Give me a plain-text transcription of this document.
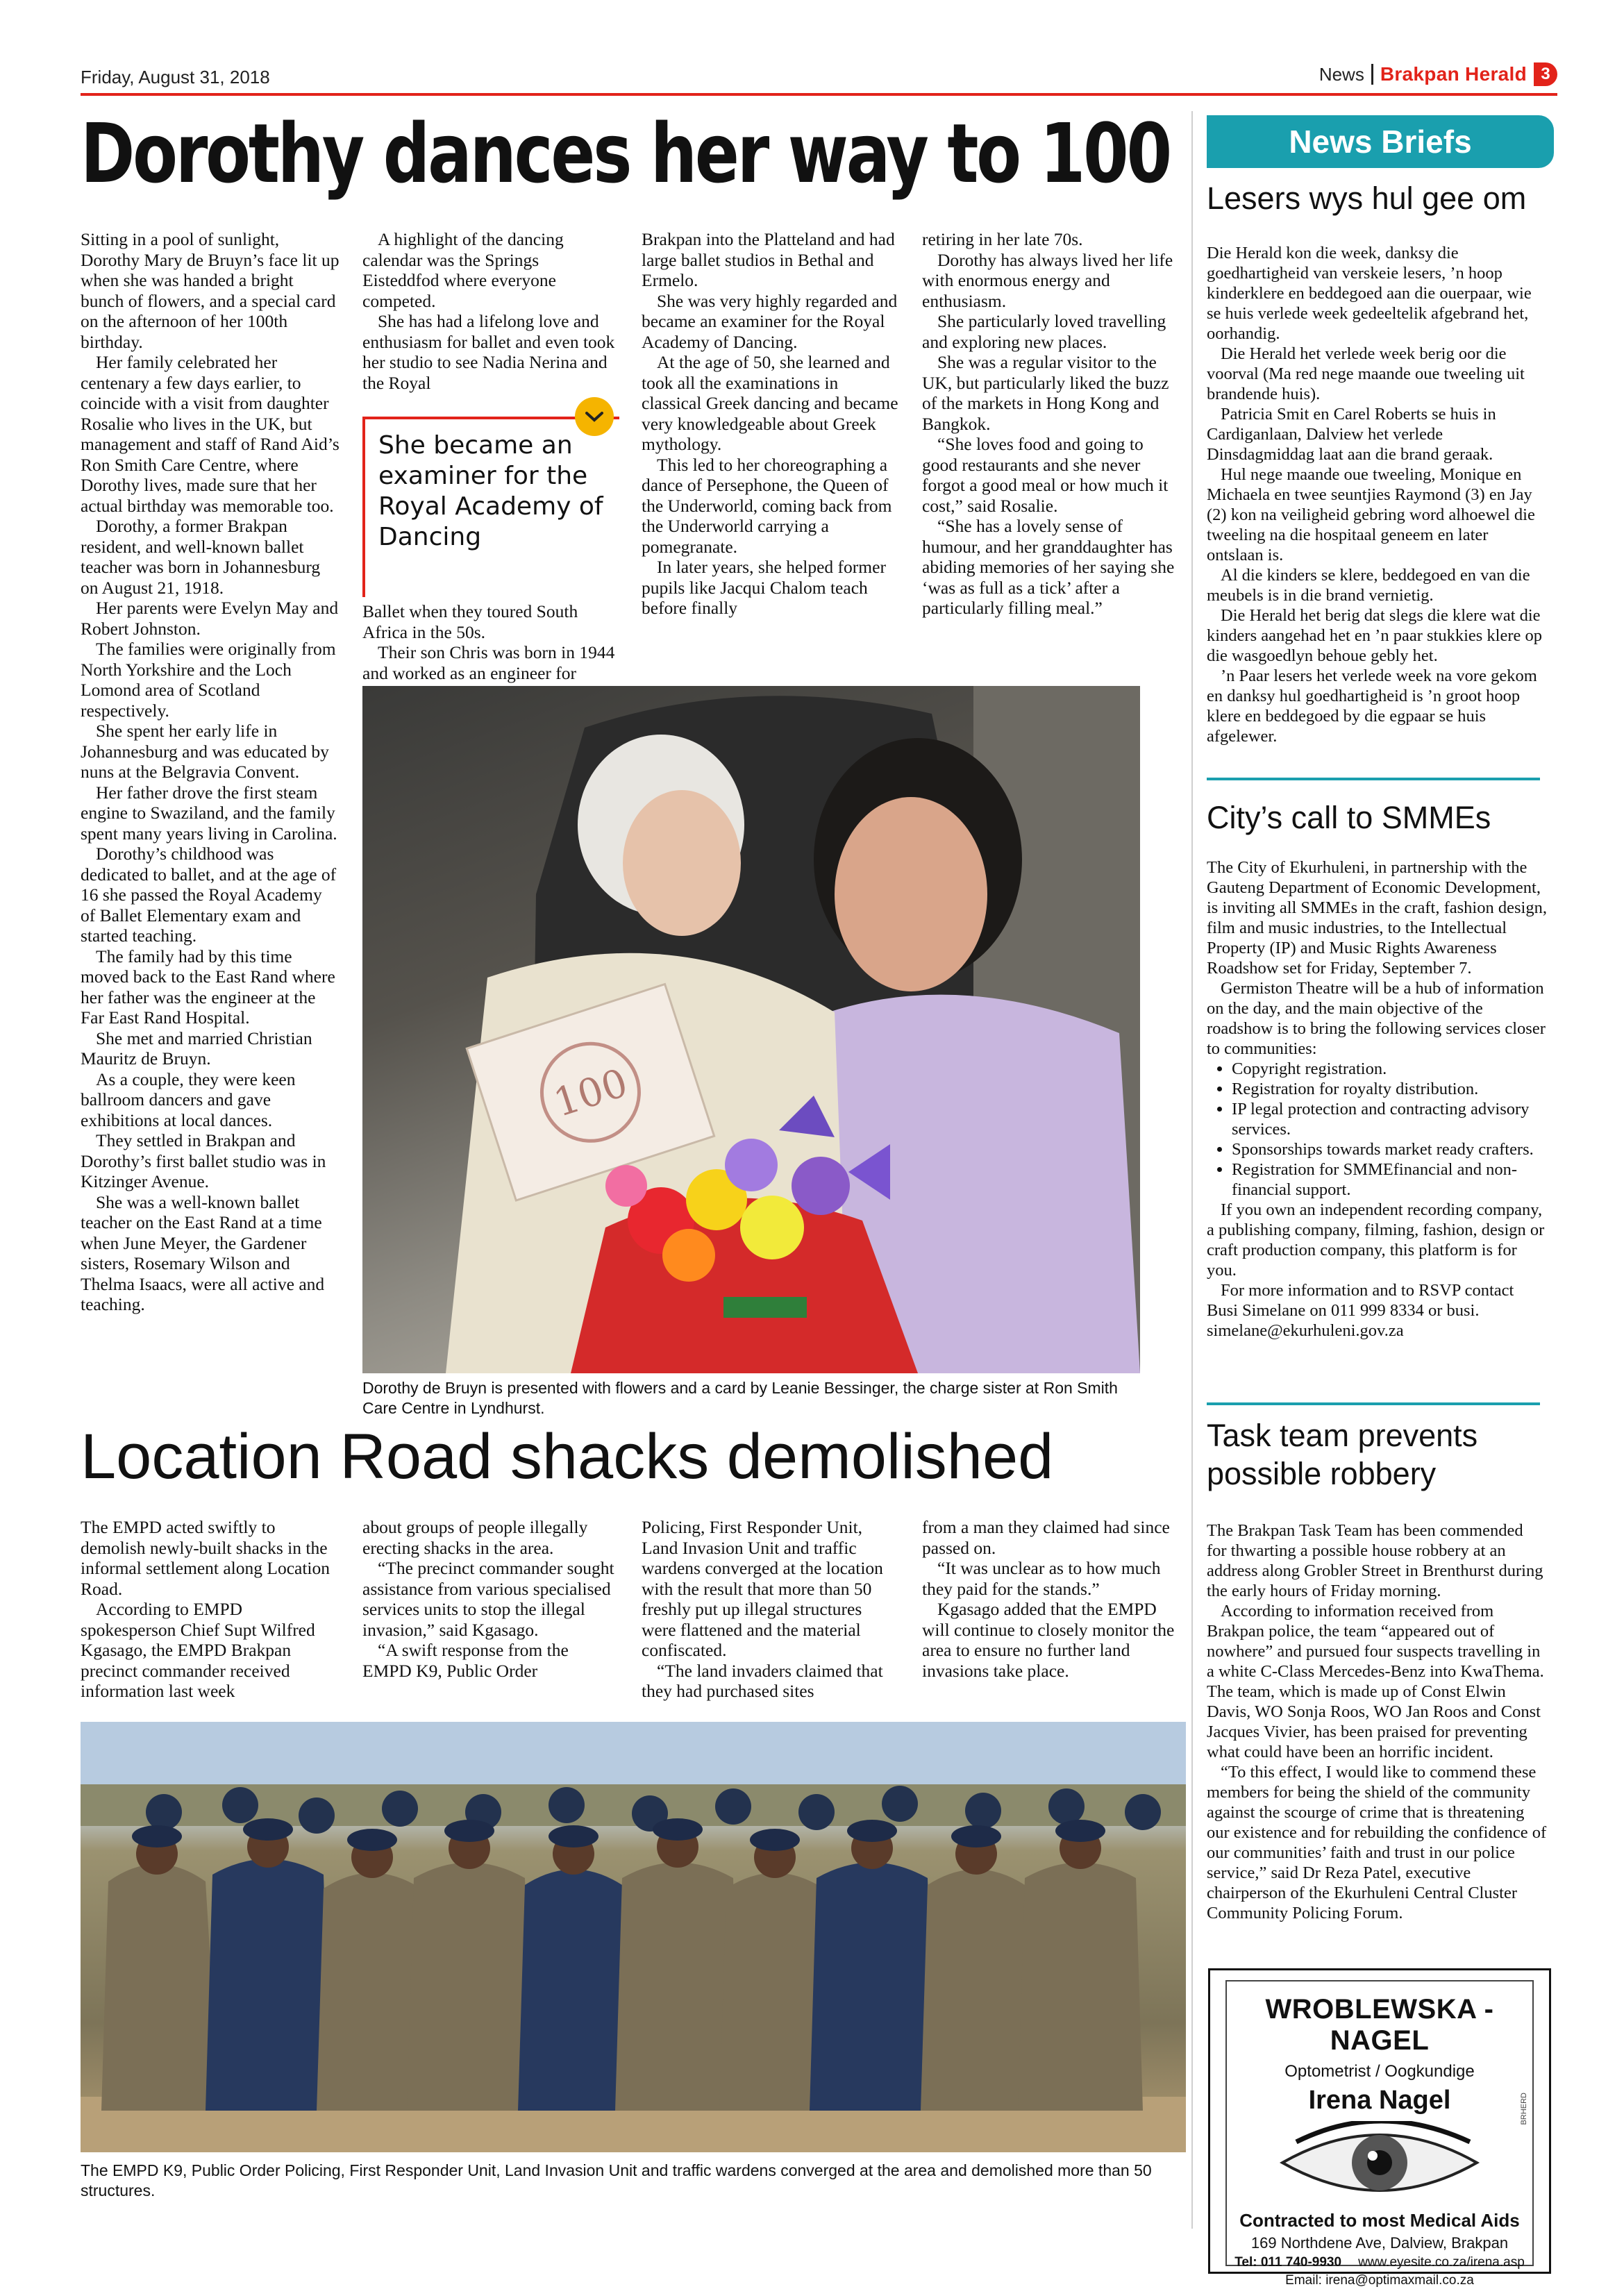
Friday, August 31, 2018	News Brakpan Herald 3
Dorothy dances her way to 100

Sitting in a pool of sunlight, Dorothy Mary de Bruyn’s face lit up when she was handed a bright bunch of flowers, and a special card on the afternoon of her 100th birthday.

Her family celebrated her centenary a few days earlier, to coincide with a visit from daughter Rosalie who lives in the UK, but management and staff of Rand Aid’s Ron Smith Care Centre, where Dorothy lives, made sure that her actual birthday was memorable too.

Dorothy, a former Brakpan resident, and well-known ballet teacher was born in Johannesburg on August 21, 1918.

Her parents were Evelyn May and Robert Johnston.

The families were originally from North Yorkshire and the Loch Lomond area of Scotland respectively.

She spent her early life in Johannesburg and was educated by nuns at the Belgravia Convent.

Her father drove the first steam engine to Swaziland, and the family spent many years living in Carolina.

Dorothy’s childhood was dedicated to ballet, and at the age of 16 she passed the Royal Academy of Ballet Elementary exam and started teaching.

The family had by this time moved back to the East Rand where her father was the engineer at the Far East Rand Hospital.

She met and married Christian Mauritz de Bruyn.

As a couple, they were keen ballroom dancers and gave exhibitions at local dances.

They settled in Brakpan and Dorothy’s first ballet studio was in Kitzinger Avenue.

She was a well-known ballet teacher on the East Rand at a time when June Meyer, the Gardener sisters, Rosemary Wilson and Thelma Isaacs, were all active and teaching.

A highlight of the dancing calendar was the Springs Eisteddfod where everyone competed.

She has had a lifelong love and enthusiasm for ballet and even took her studio to see Nadia Nerina and the Royal

She became an examiner for the Royal Academy of Dancing

Ballet when they toured South Africa in the 50s.

Their son Chris was born in 1944 and worked as an engineer for

Brakpan into the Platteland and had large ballet studios in Bethal and Ermelo.

She was very highly regarded and became an examiner for the Royal Academy of Dancing.

At the age of 50, she learned and took all the examinations in classical Greek dancing and became very knowledgeable about Greek mythology.

This led to her choreographing a dance of Persephone, the Queen of the Underworld, coming back from the Underworld carrying a pomegranate.

In later years, she helped former pupils like Jacqui Chalom teach before finally

retiring in her late 70s.

Dorothy has always lived her life with enormous energy and enthusiasm.

She particularly loved travelling and exploring new places.

She was a regular visitor to the UK, but particularly liked the buzz of the markets in Hong Kong and Bangkok.

“She loves food and going to good restaurants and she never forgot a good meal or how much it cost,” said Rosalie.

“She has a lovely sense of humour, and her granddaughter has abiding memories of her saying she ‘was as full as a tick’ after a particularly filling meal.”

100
Dorothy de Bruyn is presented with flowers and a card by Leanie Bessinger, the charge sister at Ron Smith Care Centre in Lyndhurst.
Location Road shacks demolished

The EMPD acted swiftly to demolish newly-built shacks in the informal settlement along Location Road.

According to EMPD spokesperson Chief Supt Wilfred Kgasago, the EMPD Brakpan precinct commander received information last week

about groups of people illegally erecting shacks in the area.

“The precinct commander sought assistance from various specialised services units to stop the illegal invasion,” said Kgasago.

“A swift response from the EMPD K9, Public Order

Policing, First Responder Unit, Land Invasion Unit and traffic wardens converged at the location with the result that more than 50 freshly put up illegal structures were flattened and the material confiscated.

“The land invaders claimed that they had purchased sites

from a man they claimed had since passed on.

“It was unclear as to how much they paid for the stands.”

Kgasago added that the EMPD will continue to closely monitor the area to ensure no further land invasions take place.

The EMPD K9, Public Order Policing, First Responder Unit, Land Invasion Unit and traffic wardens converged at the area and demolished more than 50 structures.
News Briefs
Lesers wys hul gee om

Die Herald kon die week, danksy die goedhartigheid van verskeie lesers, ’n hoop kinderklere en beddegoed aan die ouerpaar, wie se huis verlede week gedeeltelik afgebrand het, oorhandig.

Die Herald het verlede week berig oor die voorval (Ma red nege maande oue tweeling uit brandende huis).

Patricia Smit en Carel Roberts se huis in Cardiganlaan, Dalview het verlede Dinsdagmiddag laat aan die brand geraak.

Hul nege maande oue tweeling, Monique en Michaela en twee seuntjies Raymond (3) en Jay (2) kon na veiligheid gebring word alhoewel die tweeling na die hospitaal geneem en later ontslaan is.

Al die kinders se klere, beddegoed en van die meubels is in die brand vernietig.

Die Herald het berig dat slegs die klere wat die kinders aangehad het en ’n paar stukkies klere op die wasgoedlyn behoue gebly het.

’n Paar lesers het verlede week na vore gekom en danksy hul goedhartigheid is ’n groot hoop klere en beddegoed by die egpaar se huis afgelewer.

City’s call to SMMEs

The City of Ekurhuleni, in partnership with the Gauteng Department of Economic Development, is inviting all SMMEs in the craft, fashion design, film and music industries, to the Intellectual Property (IP) and Music Rights Awareness Roadshow set for Friday, September 7.

Germiston Theatre will be a hub of information on the day, and the main objective of the roadshow is to bring the following services closer to communities:

• Copyright registration.
• Registration for royalty distribution.
• IP legal protection and contracting advisory services.
• Sponsorships towards market ready crafters.
• Registration for SMMEfinancial and non-financial support.

If you own an independent recording company, a publishing company, filming, fashion, design or craft production company, this platform is for you.

For more information and to RSVP contact Busi Simelane on 011 999 8334 or busi. simelane@ekurhuleni.gov.za

Task team prevents possible robbery

The Brakpan Task Team has been commended for thwarting a possible house robbery at an address along Grobler Street in Brenthurst during the early hours of Friday morning.

According to information received from Brakpan police, the team “appeared out of nowhere” and pursued four suspects travelling in a white C-Class Mercedes-Benz into KwaThema. The team, which is made up of Const Elwin Davis, WO Sonja Roos, WO Jan Roos and Const Jacques Vivier, has been praised for preventing what could have been an horrific incident.

“To this effect, I would like to commend these members for being the shield of the community against the scourge of crime that is threatening our existence and for rebuilding the confidence of our communities’ faith and trust in our police service,” said Dr Reza Patel, executive chairperson of the Ekurhuleni Central Cluster Community Policing Forum.

WROBLEWSKA - NAGEL
Optometrist / Oogkundige
Irena Nagel
Contracted to most Medical Aids
169 Northdene Ave, Dalview, Brakpan
Tel: 011 740-9930 www.eyesite.co.za/irena.asp
Email: irena@optimaxmail.co.za
BRHERD
